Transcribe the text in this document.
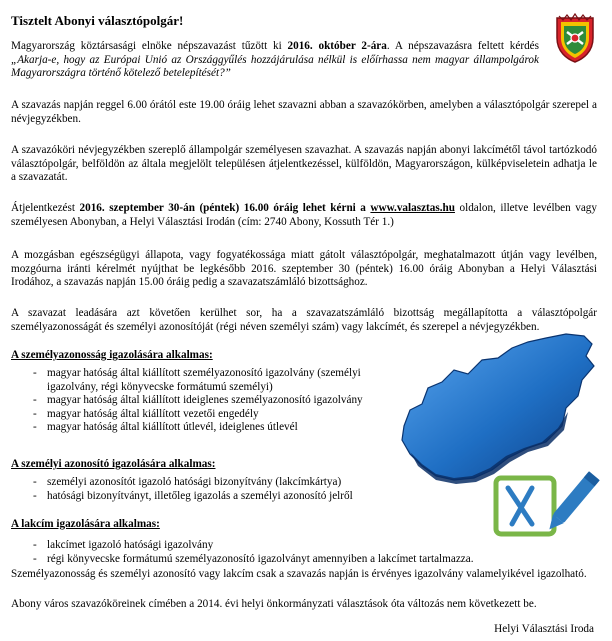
Tisztelt Abonyi választópolgár!

Magyarország köztársasági elnöke népszavazást tűzött ki 2016. október 2-ára. A népszavazásra feltett kérdés „Akarja-e, hogy az Európai Unió az Országgyűlés hozzájárulása nélkül is előírhassa nem magyar állampolgárok Magyarországra történő kötelező betelepítését?”

A szavazás napján reggel 6.00 órától este 19.00 óráig lehet szavazni abban a szavazókörben, amelyben a választópolgár szerepel a névjegyzékben.

A szavazóköri névjegyzékben szereplő állampolgár személyesen szavazhat. A szavazás napján abonyi lakcímétől távol tartózkodó választópolgár, belföldön az általa megjelölt településen átjelentkezéssel, külföldön, Magyarországon, külképviseletein adhatja le a szavazatát.

Átjelentkezést 2016. szeptember 30-án (péntek) 16.00 óráig lehet kérni a www.valasztas.hu oldalon, illetve levélben vagy személyesen Abonyban, a Helyi Választási Irodán (cím: 2740 Abony, Kossuth Tér 1.)

A mozgásban egészségügyi állapota, vagy fogyatékossága miatt gátolt választópolgár, meghatalmazott útján vagy levélben, mozgóurna iránti kérelmét nyújthat be legkésőbb 2016. szeptember 30 (péntek) 16.00 óráig Abonyban a Helyi Választási Irodához, a szavazás napján 15.00 óráig pedig a szavazatszámláló bizottsághoz.

A szavazat leadására azt követően kerülhet sor, ha a szavazatszámláló bizottság megállapította a választópolgár személyazonosságát és személyi azonosítóját (régi néven személyi szám) vagy lakcímét, és szerepel a névjegyzékben.

A személyazonosság igazolására alkalmas:
- magyar hatóság által kiállított személyazonosító igazolvány (személyi igazolvány, régi könyvecske formátumú személyi)
- magyar hatóság által kiállított ideiglenes személyazonosító igazolvány
- magyar hatóság által kiállított vezetői engedély
- magyar hatóság által kiállított útlevél, ideiglenes útlevél
A személyi azonosító igazolására alkalmas:
- személyi azonosítót igazoló hatósági bizonyítvány (lakcímkártya)
- hatósági bizonyítványt, illetőleg igazolás a személyi azonosító jelről
A lakcím igazolására alkalmas:
- lakcímet igazoló hatósági igazolvány
- régi könyvecske formátumú személyazonosító igazolványt amennyiben a lakcímet tartalmazza.

Személyazonosság és személyi azonosító vagy lakcím csak a szavazás napján is érvényes igazolvány valamelyikével igazolható.

Abony város szavazóköreinek címében a 2014. évi helyi önkormányzati választások óta változás nem következett be.

Helyi Választási Iroda
